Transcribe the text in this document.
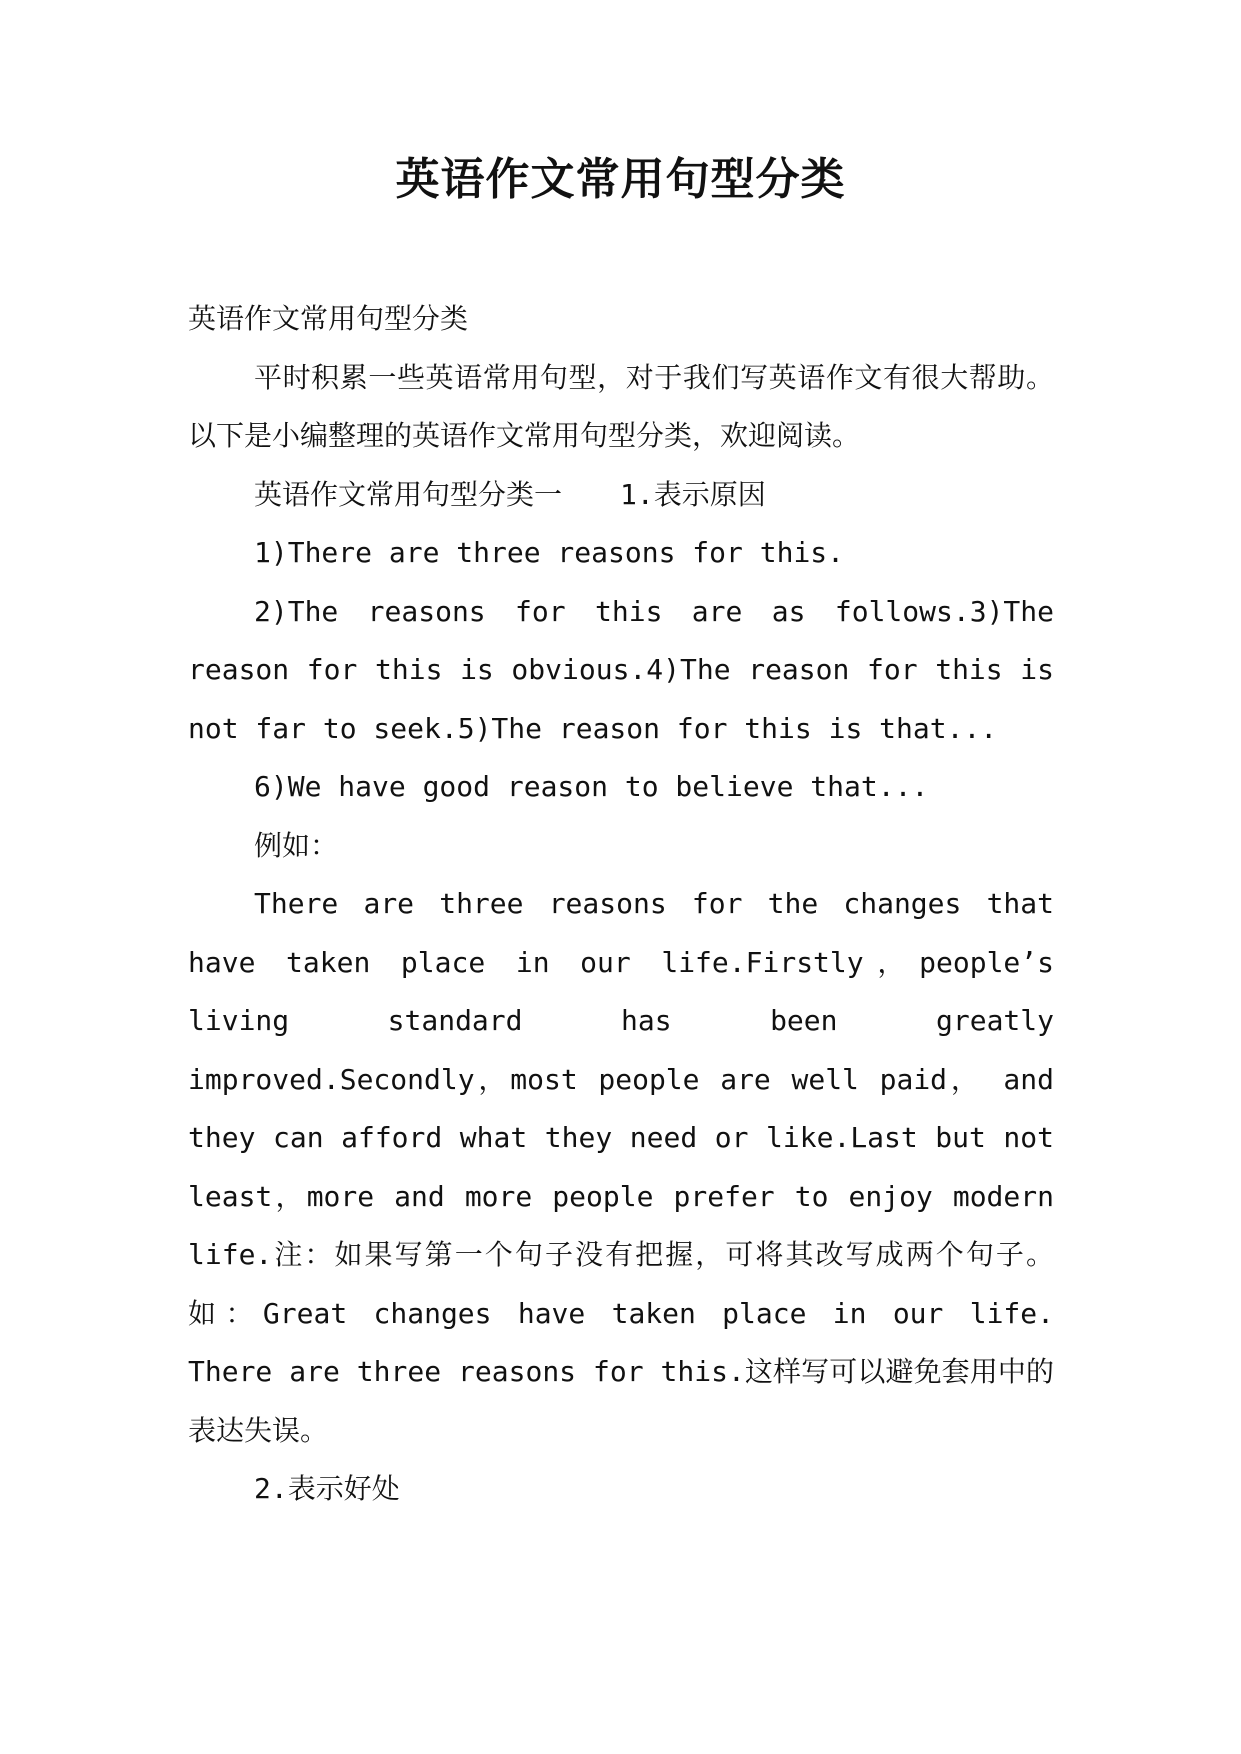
英语作文常用句型分类

英语作文常用句型分类

平时积累一些英语常用句型，对于我们写英语作文有很大帮助。以下是小编整理的英语作文常用句型分类，欢迎阅读。

英语作文常用句型分类一 1.表示原因

1)There are three reasons for this.

2)The reasons for this are as follows.3)The reason for this is obvious.4)The reason for this is not far to seek.5)The reason for this is that...

6)We have good reason to believe that...

例如：

There are three reasons for the changes that have taken place in our life.Firstly，people’s living standard has been greatly improved.Secondly，most people are well paid， and they can afford what they need or like.Last but not least，more and more people prefer to enjoy modern life.注：如果写第一个句子没有把握，可将其改写成两个句子。如：Great changes have taken place in our life. There are three reasons for this.这样写可以避免套用中的表达失误。

2.表示好处
